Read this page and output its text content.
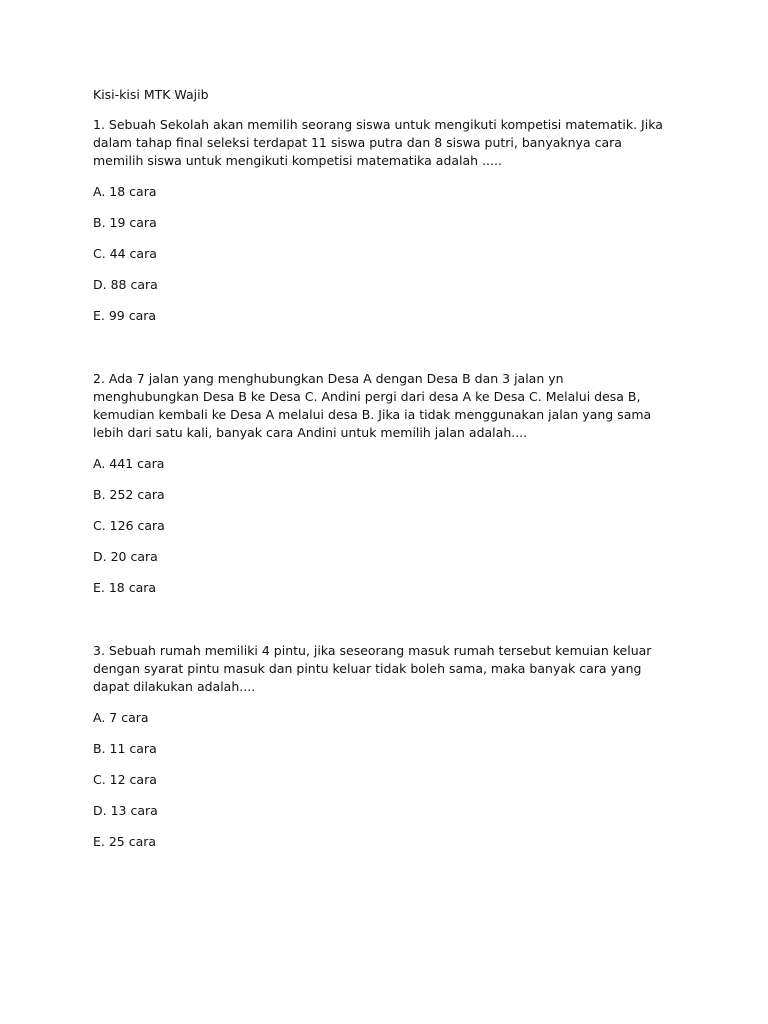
Kisi-kisi MTK Wajib

1. Sebuah Sekolah akan memilih seorang siswa untuk mengikuti kompetisi matematik. Jika dalam tahap final seleksi terdapat 11 siswa putra dan 8 siswa putri, banyaknya cara memilih siswa untuk mengikuti kompetisi matematika adalah .....

A. 18 cara
B. 19 cara
C. 44 cara
D. 88 cara
E. 99 cara

2. Ada 7 jalan yang menghubungkan Desa A dengan Desa B dan 3 jalan yn menghubungkan Desa B ke Desa C. Andini pergi dari desa A ke Desa C. Melalui desa B, kemudian kembali ke Desa A melalui desa B. Jika ia tidak menggunakan jalan yang sama lebih dari satu kali, banyak cara Andini untuk memilih jalan adalah....

A. 441 cara
B. 252 cara
C. 126 cara
D. 20 cara
E. 18 cara

3. Sebuah rumah memiliki 4 pintu, jika seseorang masuk rumah tersebut kemuian keluar dengan syarat pintu masuk dan pintu keluar tidak boleh sama, maka banyak cara yang dapat dilakukan adalah....

A. 7 cara
B. 11 cara
C. 12 cara
D. 13 cara
E. 25 cara
